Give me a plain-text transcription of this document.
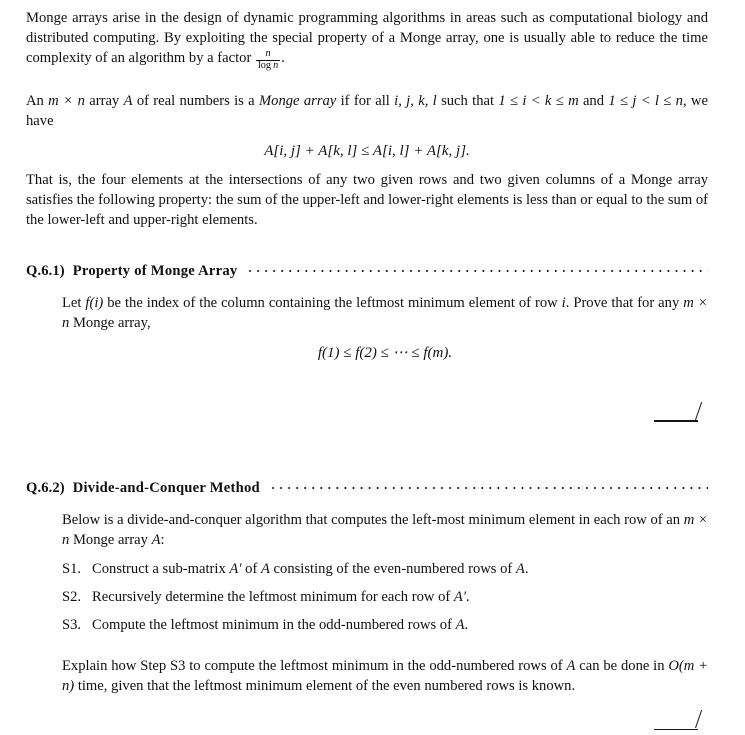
Monge arrays arise in the design of dynamic programming algorithms in areas such as computational biology and distributed computing. By exploiting the special property of a Monge array, one is usually able to reduce the time complexity of an algorithm by a factor $\frac{n}{\text{log n}}$ .

An m × n array A of real numbers is a Monge array if for all i, j, k, l such that 1 ≤ i < k ≤ m and 1 ≤ j < l ≤ n, we have

A[i, j] + A[k, l] ≤ A[i, l] + A[k, j].

That is, the four elements at the intersections of any two given rows and two given columns of a Monge array satisfies the following property: the sum of the upper-left and lower-right elements is less than or equal to the sum of the lower-left and upper-right elements.

Q.6.1) Property of Monge Array

Let f(i) be the index of the column containing the leftmost minimum element of row i. Prove that for any m × n Monge array,

f(1) ≤ f(2) ≤ ⋯ ≤ f(m).
Q.6.2) Divide-and-Conquer Method

Below is a divide-and-conquer algorithm that computes the left-most minimum element in each row of an m × n Monge array A:

S1. Construct a sub-matrix A′ of A consisting of the even-numbered rows of A.
S2. Recursively determine the leftmost minimum for each row of A′.
S3. Compute the leftmost minimum in the odd-numbered rows of A.

Explain how Step S3 to compute the leftmost minimum in the odd-numbered rows of A can be done in O(m + n) time, given that the leftmost minimum element of the even numbered rows is known.
